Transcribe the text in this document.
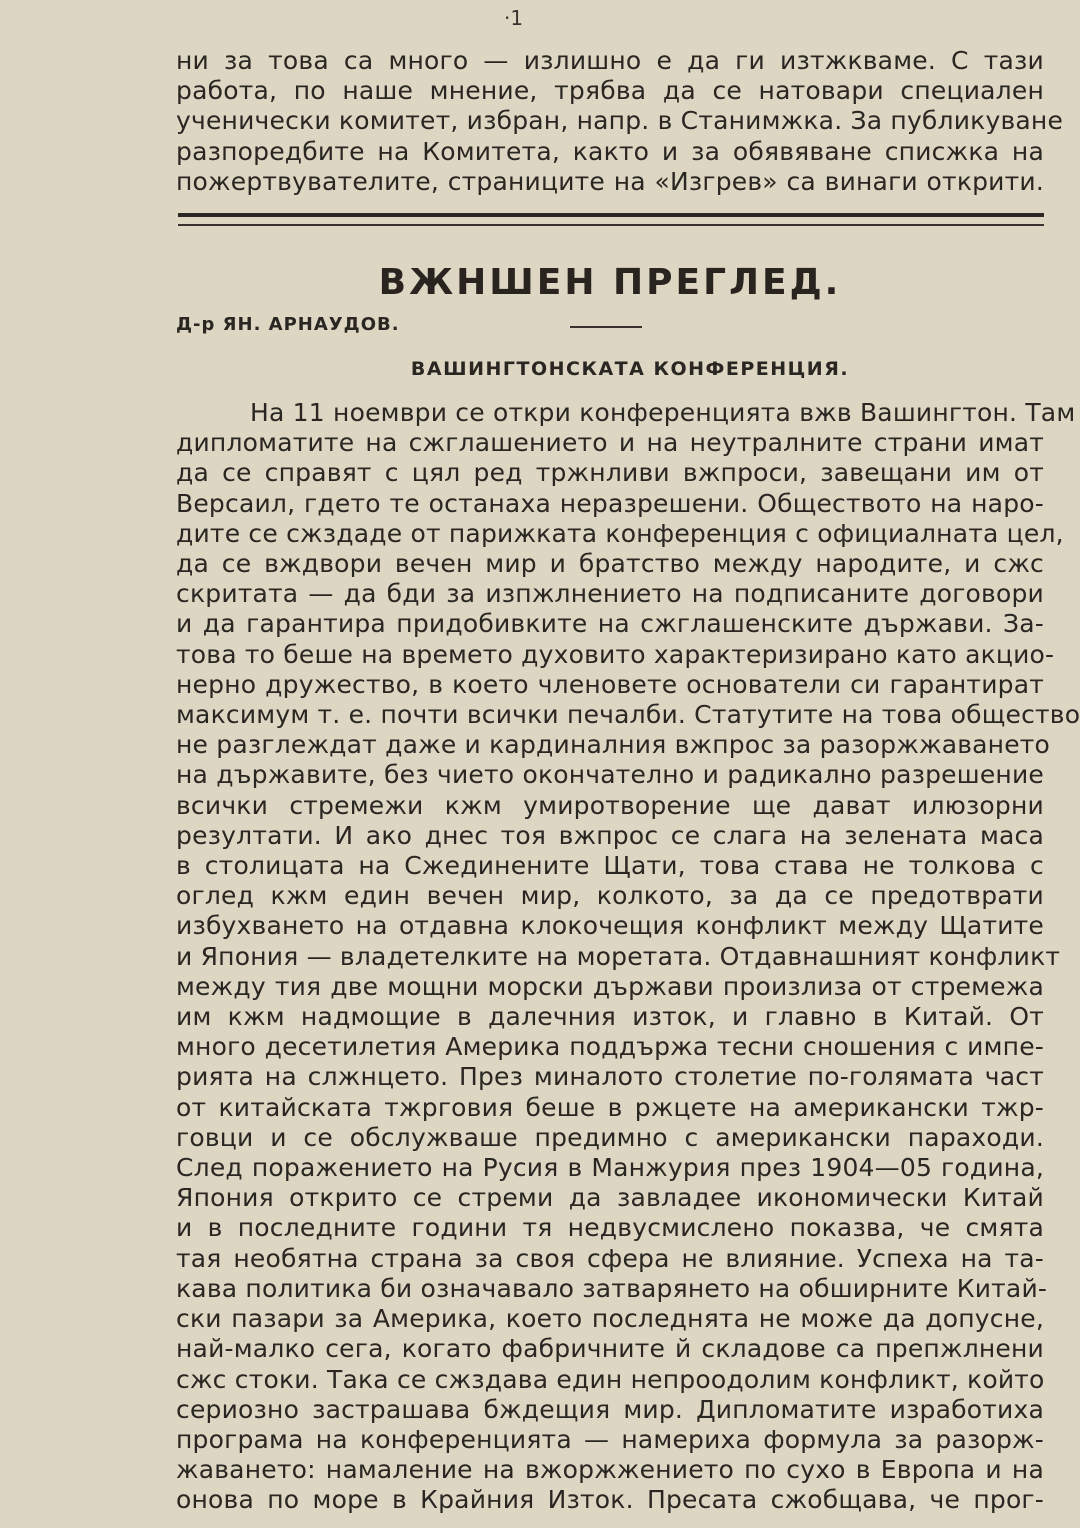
·1
ни за това са много — излишно е да ги изтжкваме. С тази
работа, по наше мнение, трябва да се натовари специален
ученически комитет, избран, напр. в Станимжка. За публикуване
разпоредбите на Комитета, както и за обявяване списжка на
пожертвувателите, страниците на «Изгрев» са винаги открити.
ВЖНШЕН ПРЕГЛЕД.
Д-р ЯН. АРНАУДОВ.
ВАШИНГТОНСКАТА КОНФЕРЕНЦИЯ.
На 11 ноември се откри конференцията вжв Вашингтон. Там
дипломатите на сжглашението и на неутралните страни имат
да се справят с цял ред тржнливи вжпроси, завещани им от
Версаил, гдето те останаха неразрешени. Обществото на наро-
дите се сжздаде от парижката конференция с официалната цел,
да се вждвори вечен мир и братство между народите, и сжс
скритата — да бди за изпжлнението на подписаните договори
и да гарантира придобивките на сжглашенските държави. За-
това то беше на времето духовито характеризирано като акцио-
нерно дружество, в което членовете основатели си гарантират
максимум т. е. почти всички печалби. Статутите на това общество
не разглеждат даже и кардиналния вжпрос за разоржжаването
на държавите, без чието окончателно и радикално разрешение
всички стремежи кжм умиротворение ще дават илюзорни
резултати. И ако днес тоя вжпрос се слага на зелената маса
в столицата на Сжединените Щати, това става не толкова с
оглед кжм един вечен мир, колкото, за да се предотврати
избухването на отдавна клокочещия конфликт между Щатите
и Япония — владетелките на моретата. Отдавнашният конфликт
между тия две мощни морски държави произлиза от стремежа
им кжм надмощие в далечния изток, и главно в Китай. От
много десетилетия Америка поддържа тесни сношения с импе-
рията на слжнцето. През миналото столетие по-голямата част
от китайската тжрговия беше в ржцете на американски тжр-
говци и се обслужваше предимно с американски параходи.
След поражението на Русия в Манжурия през 1904—05 година,
Япония открито се стреми да завладее икономически Китай
и в последните години тя недвусмислено показва, че смята
тая необятна страна за своя сфера не влияние. Успеха на та-
кава политика би означавало затварянето на обширните Китай-
ски пазари за Америка, което последнята не може да допусне,
най-малко сега, когато фабричните й складове са препжлнени
сжс стоки. Така се сжздава един непроодолим конфликт, който
сериозно застрашава бждещия мир. Дипломатите изработиха
програма на конференцията — намериха формула за разорж-
жаването: намаление на вжоржжението по сухо в Европа и на
онова по море в Крайния Изток. Пресата сжобщава, че прог-
